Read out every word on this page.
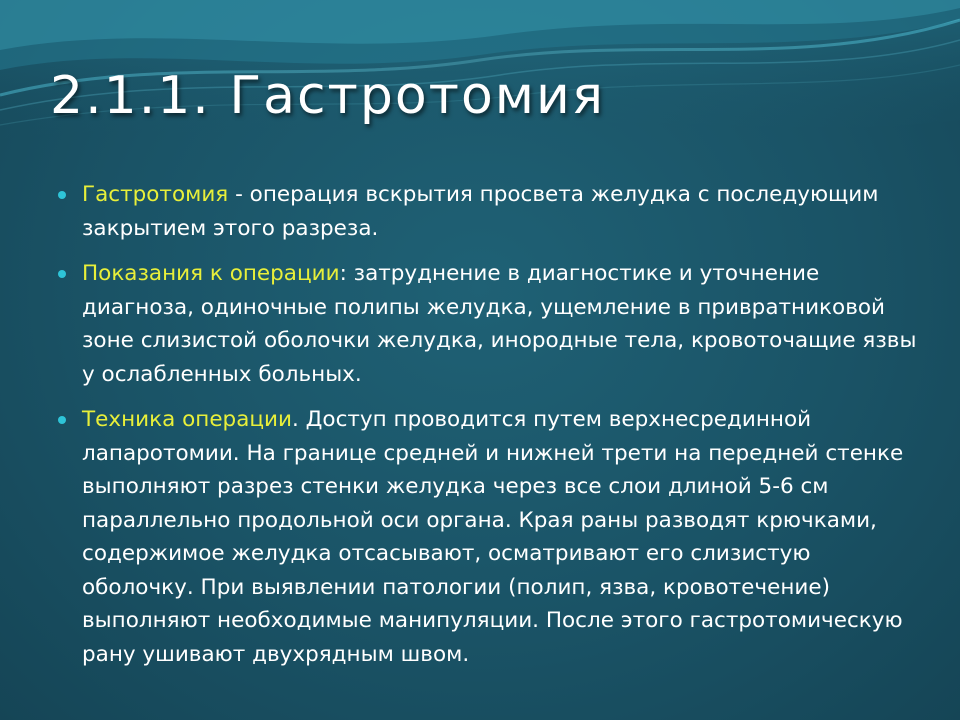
2.1.1. Гастротомия
Гастротомия - операция вскрытия просвета желудка с последующим закрытием этого разреза.
Показания к операции: затруднение в диагностике и уточнение диагноза, одиночные полипы желудка, ущемление в привратниковой зоне слизистой оболочки желудка, инородные тела, кровоточащие язвы у ослабленных больных.
Техника операции. Доступ проводится путем верхнесрединной лапаротомии. На границе средней и нижней трети на передней стенке выполняют разрез стенки желудка через все слои длиной 5-6 см параллельно продольной оси органа. Края раны разводят крючками, содержимое желудка отсасывают, осматривают его слизистую оболочку. При выявлении патологии (полип, язва, кровотечение) выполняют необходимые манипуляции. После этого гастротомическую рану ушивают двухрядным швом.
